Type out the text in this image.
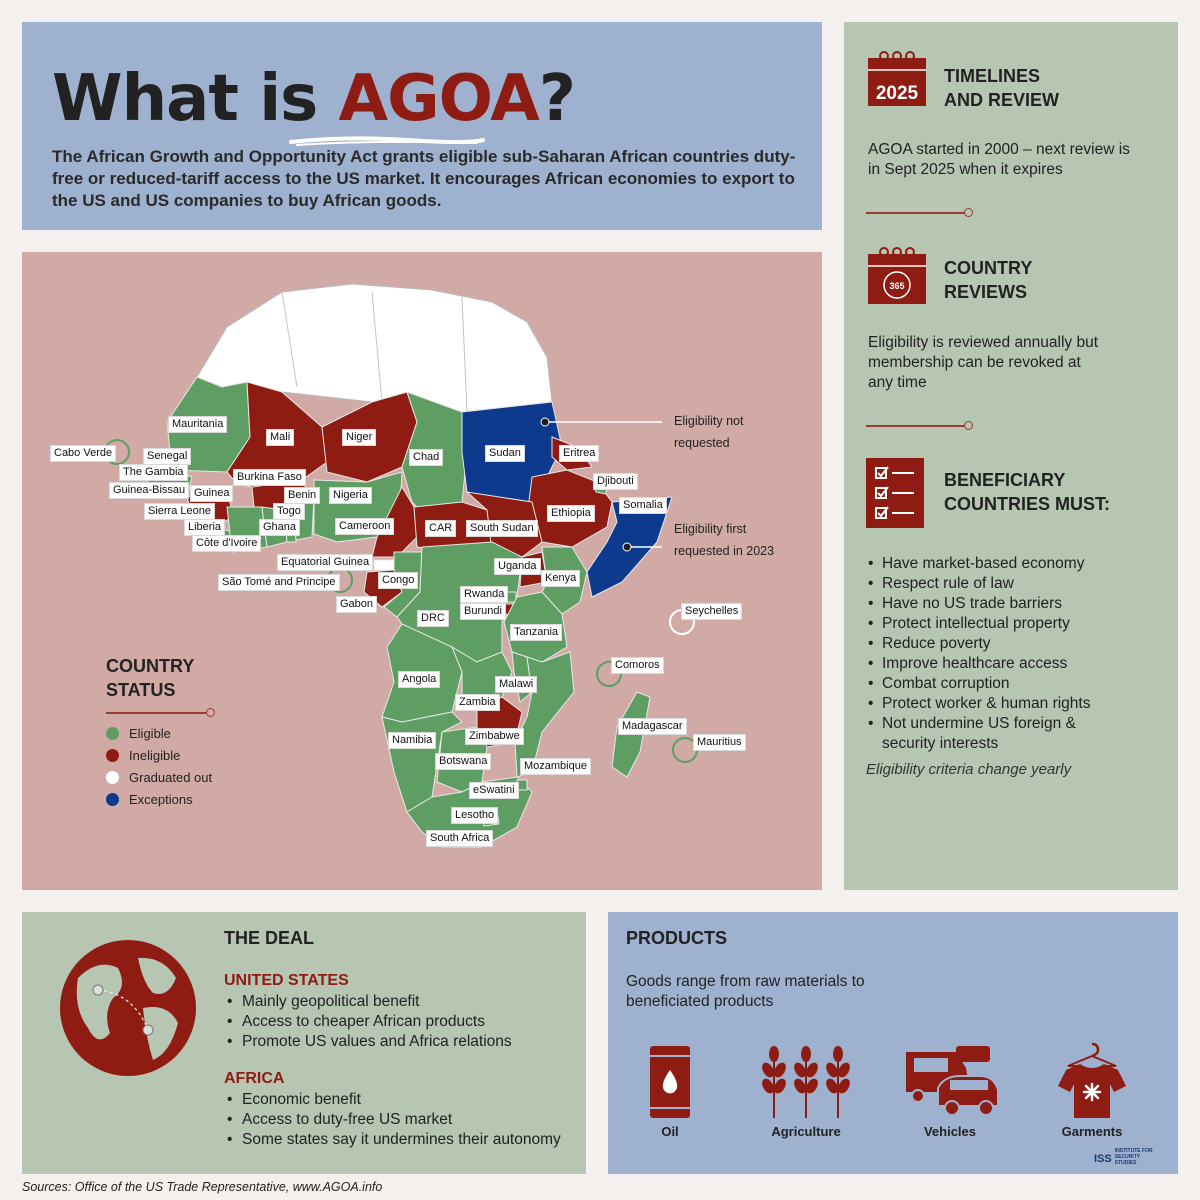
What is AGOA?
The African Growth and Opportunity Act grants eligible sub-Saharan African countries duty-free or reduced-tariff access to the US market. It encourages African economies to export to the US and US companies to buy African goods.
Mauritania
Cabo Verde	Senegal
The Gambia
Guinea-Bissau Guinea
Sierra Leone
Liberia
Côte d'Ivoire
Mali
Burkina Faso
Ghana
Togo
Benin
Niger
Nigeria
Chad
Cameroon	CAR
Sudan
South Sudan
Eritrea
Ethiopia
Djibouti
Somalia
Equatorial Guinea
São Tomé and Principe
Gabon
Congo
DRC
Uganda
Kenya
Rwanda
Burundi
Tanzania
Seychelles
Angola
Zambia
Malawi
Comoros
Madagascar
Mauritius
Namibia	Zimbabwe
Botswana	Mozambique
eSwatini
Lesotho
South Africa
Eligibility not
requested
Eligibility first
requested in 2023
COUNTRY
STATUS
Eligible
Ineligible
Graduated out
Exceptions
2025
TIMELINES
AND REVIEW
AGOA started in 2000 – next review is
in Sept 2025 when it expires
365
COUNTRY
REVIEWS
Eligibility is reviewed annually but
membership can be revoked at
any time
BENEFICIARY
COUNTRIES MUST:
• Have market-based economy
• Respect rule of law
• Have no US trade barriers
• Protect intellectual property
• Reduce poverty
• Improve healthcare access
• Combat corruption
• Protect worker & human rights
• Not undermine US foreign & security interests
Eligibility criteria change yearly
THE DEAL
UNITED STATES
• Mainly geopolitical benefit
• Access to cheaper African products
• Promote US values and Africa relations
AFRICA
• Economic benefit
• Access to duty-free US market
• Some states say it undermines their autonomy
PRODUCTS
Goods range from raw materials to beneficiated products
Oil	Agriculture	Vehicles	Garments
ISS INSTITUTE FOR SECURITY STUDIES
Sources: Office of the US Trade Representative, www.AGOA.info
